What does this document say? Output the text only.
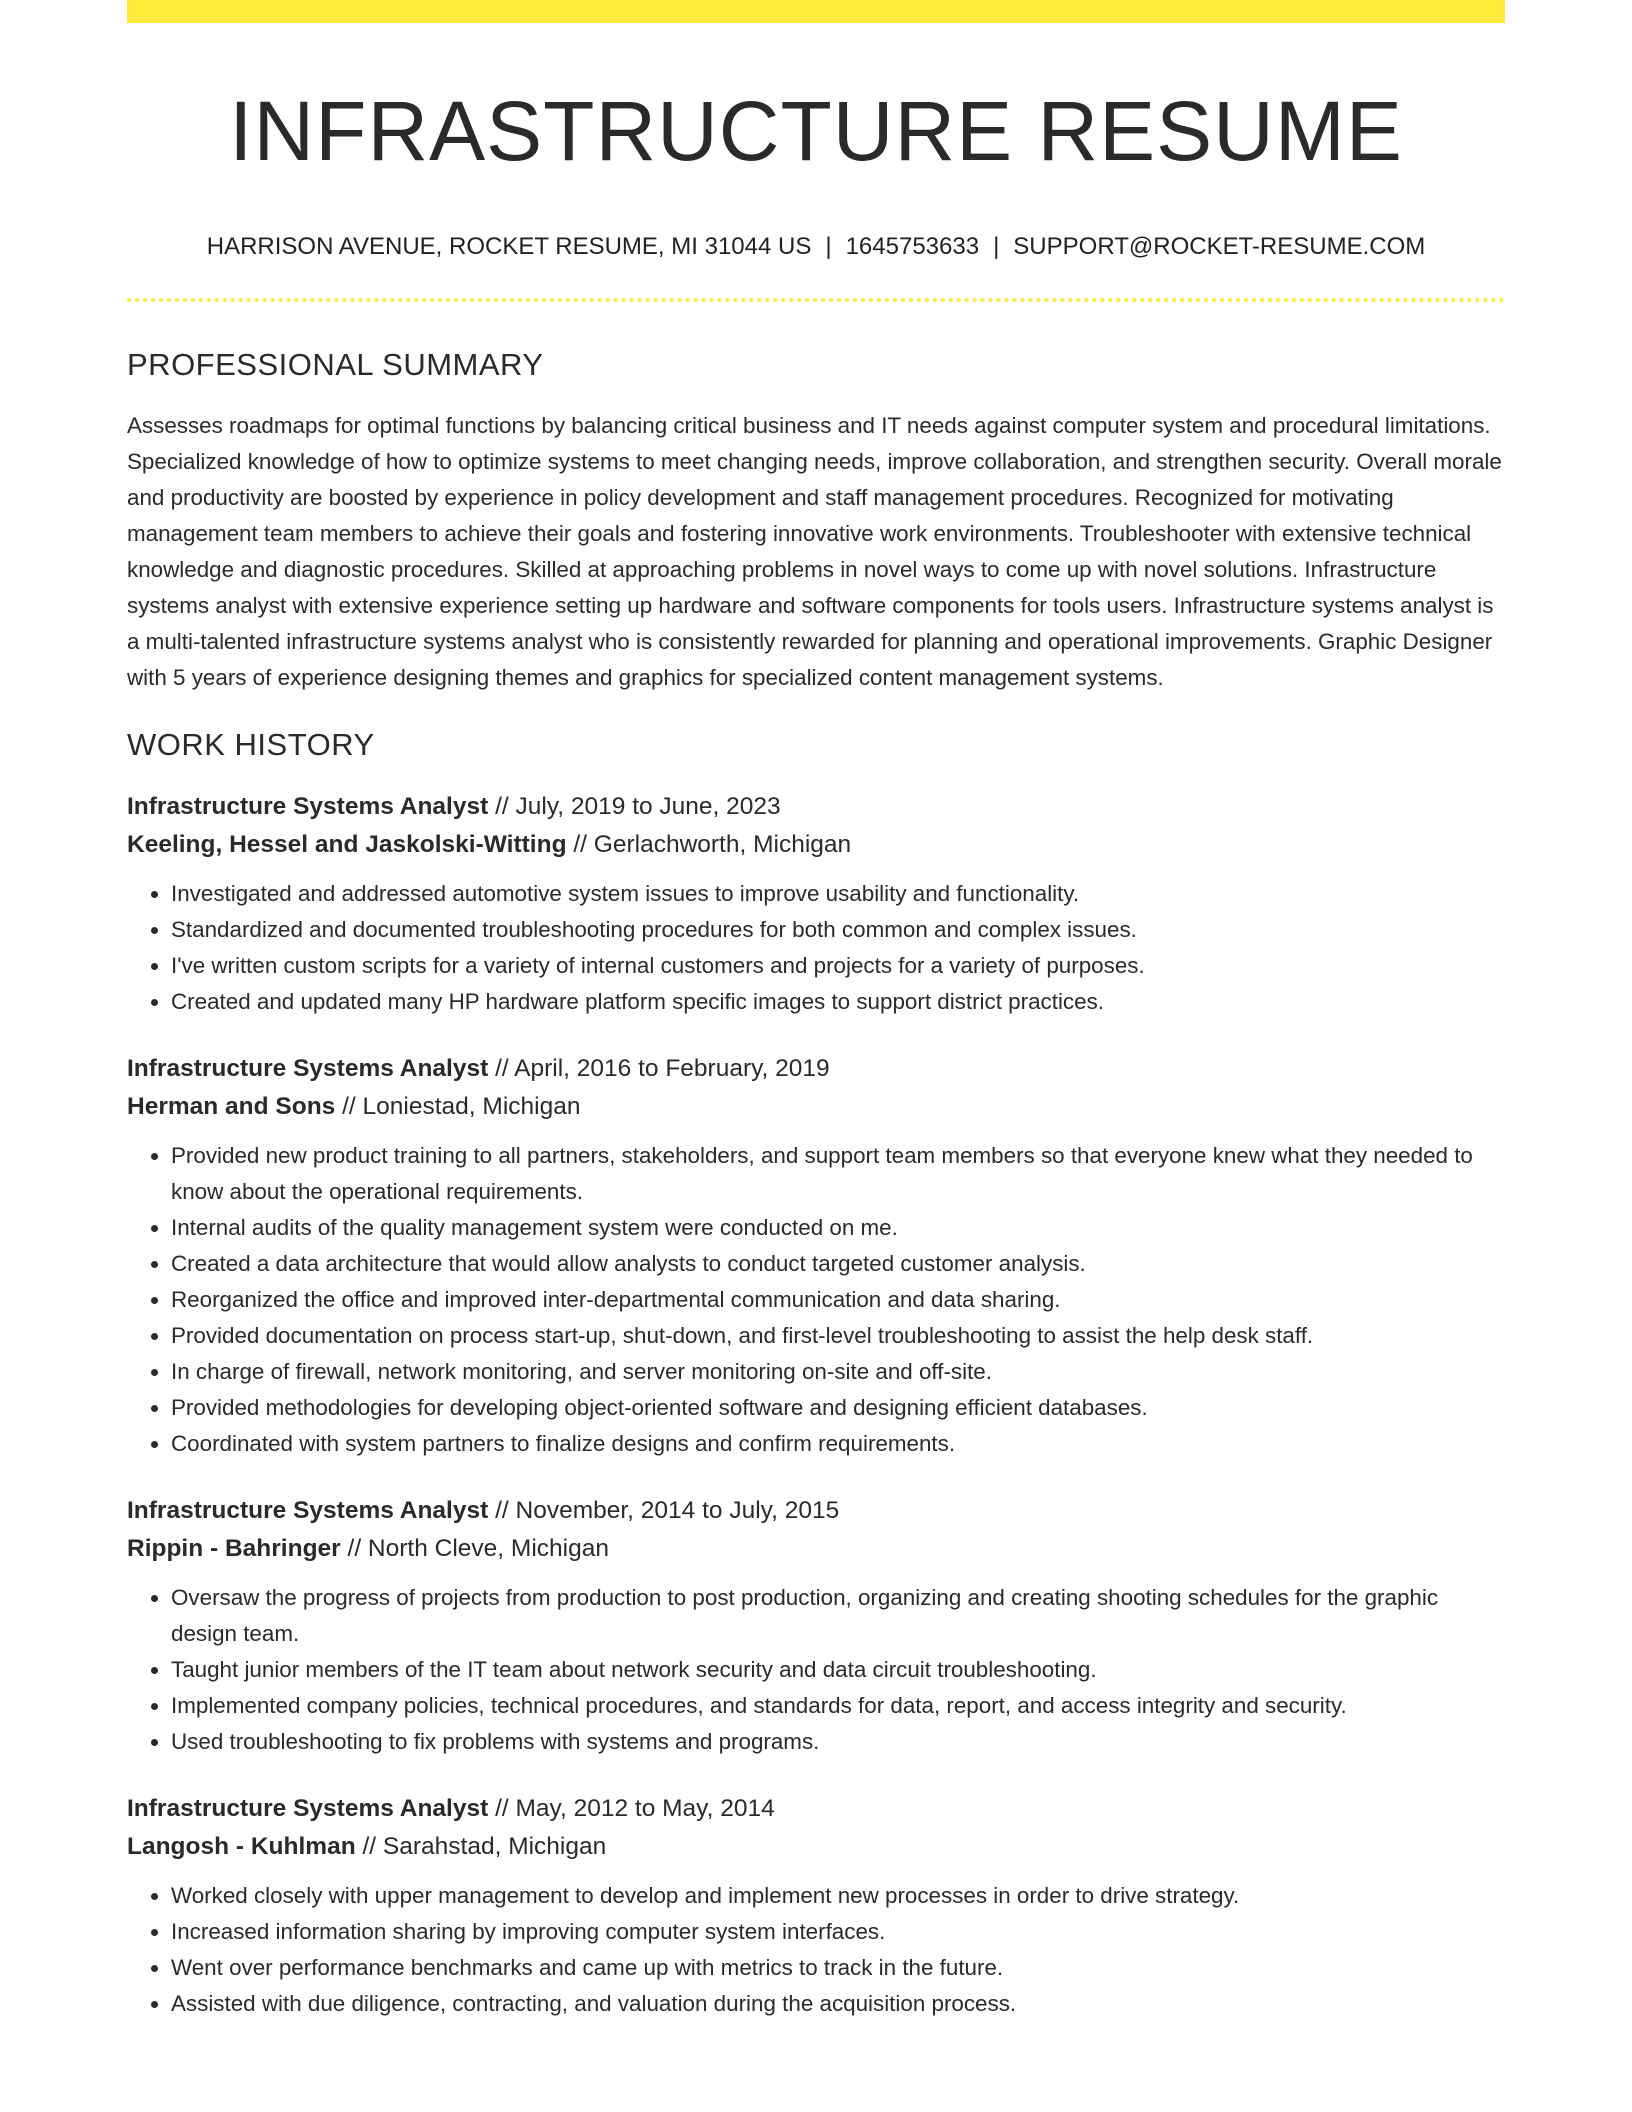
INFRASTRUCTURE RESUME
HARRISON AVENUE, ROCKET RESUME, MI 31044 US | 1645753633 | SUPPORT@ROCKET-RESUME.COM
PROFESSIONAL SUMMARY

Assesses roadmaps for optimal functions by balancing critical business and IT needs against computer system and procedural limitations. Specialized knowledge of how to optimize systems to meet changing needs, improve collaboration, and strengthen security. Overall morale and productivity are boosted by experience in policy development and staff management procedures. Recognized for motivating management team members to achieve their goals and fostering innovative work environments. Troubleshooter with extensive technical knowledge and diagnostic procedures. Skilled at approaching problems in novel ways to come up with novel solutions. Infrastructure systems analyst with extensive experience setting up hardware and software components for tools users. Infrastructure systems analyst is a multi-talented infrastructure systems analyst who is consistently rewarded for planning and operational improvements. Graphic Designer with 5 years of experience designing themes and graphics for specialized content management systems.

WORK HISTORY
Infrastructure Systems Analyst // July, 2019 to June, 2023
Keeling, Hessel and Jaskolski-Witting // Gerlachworth, Michigan
• Investigated and addressed automotive system issues to improve usability and functionality.
• Standardized and documented troubleshooting procedures for both common and complex issues.
• I've written custom scripts for a variety of internal customers and projects for a variety of purposes.
• Created and updated many HP hardware platform specific images to support district practices.
Infrastructure Systems Analyst // April, 2016 to February, 2019
Herman and Sons // Loniestad, Michigan
• Provided new product training to all partners, stakeholders, and support team members so that everyone knew what they needed to know about the operational requirements.
• Internal audits of the quality management system were conducted on me.
• Created a data architecture that would allow analysts to conduct targeted customer analysis.
• Reorganized the office and improved inter-departmental communication and data sharing.
• Provided documentation on process start-up, shut-down, and first-level troubleshooting to assist the help desk staff.
• In charge of firewall, network monitoring, and server monitoring on-site and off-site.
• Provided methodologies for developing object-oriented software and designing efficient databases.
• Coordinated with system partners to finalize designs and confirm requirements.
Infrastructure Systems Analyst // November, 2014 to July, 2015
Rippin - Bahringer // North Cleve, Michigan
• Oversaw the progress of projects from production to post production, organizing and creating shooting schedules for the graphic design team.
• Taught junior members of the IT team about network security and data circuit troubleshooting.
• Implemented company policies, technical procedures, and standards for data, report, and access integrity and security.
• Used troubleshooting to fix problems with systems and programs.
Infrastructure Systems Analyst // May, 2012 to May, 2014
Langosh - Kuhlman // Sarahstad, Michigan
• Worked closely with upper management to develop and implement new processes in order to drive strategy.
• Increased information sharing by improving computer system interfaces.
• Went over performance benchmarks and came up with metrics to track in the future.
• Assisted with due diligence, contracting, and valuation during the acquisition process.
